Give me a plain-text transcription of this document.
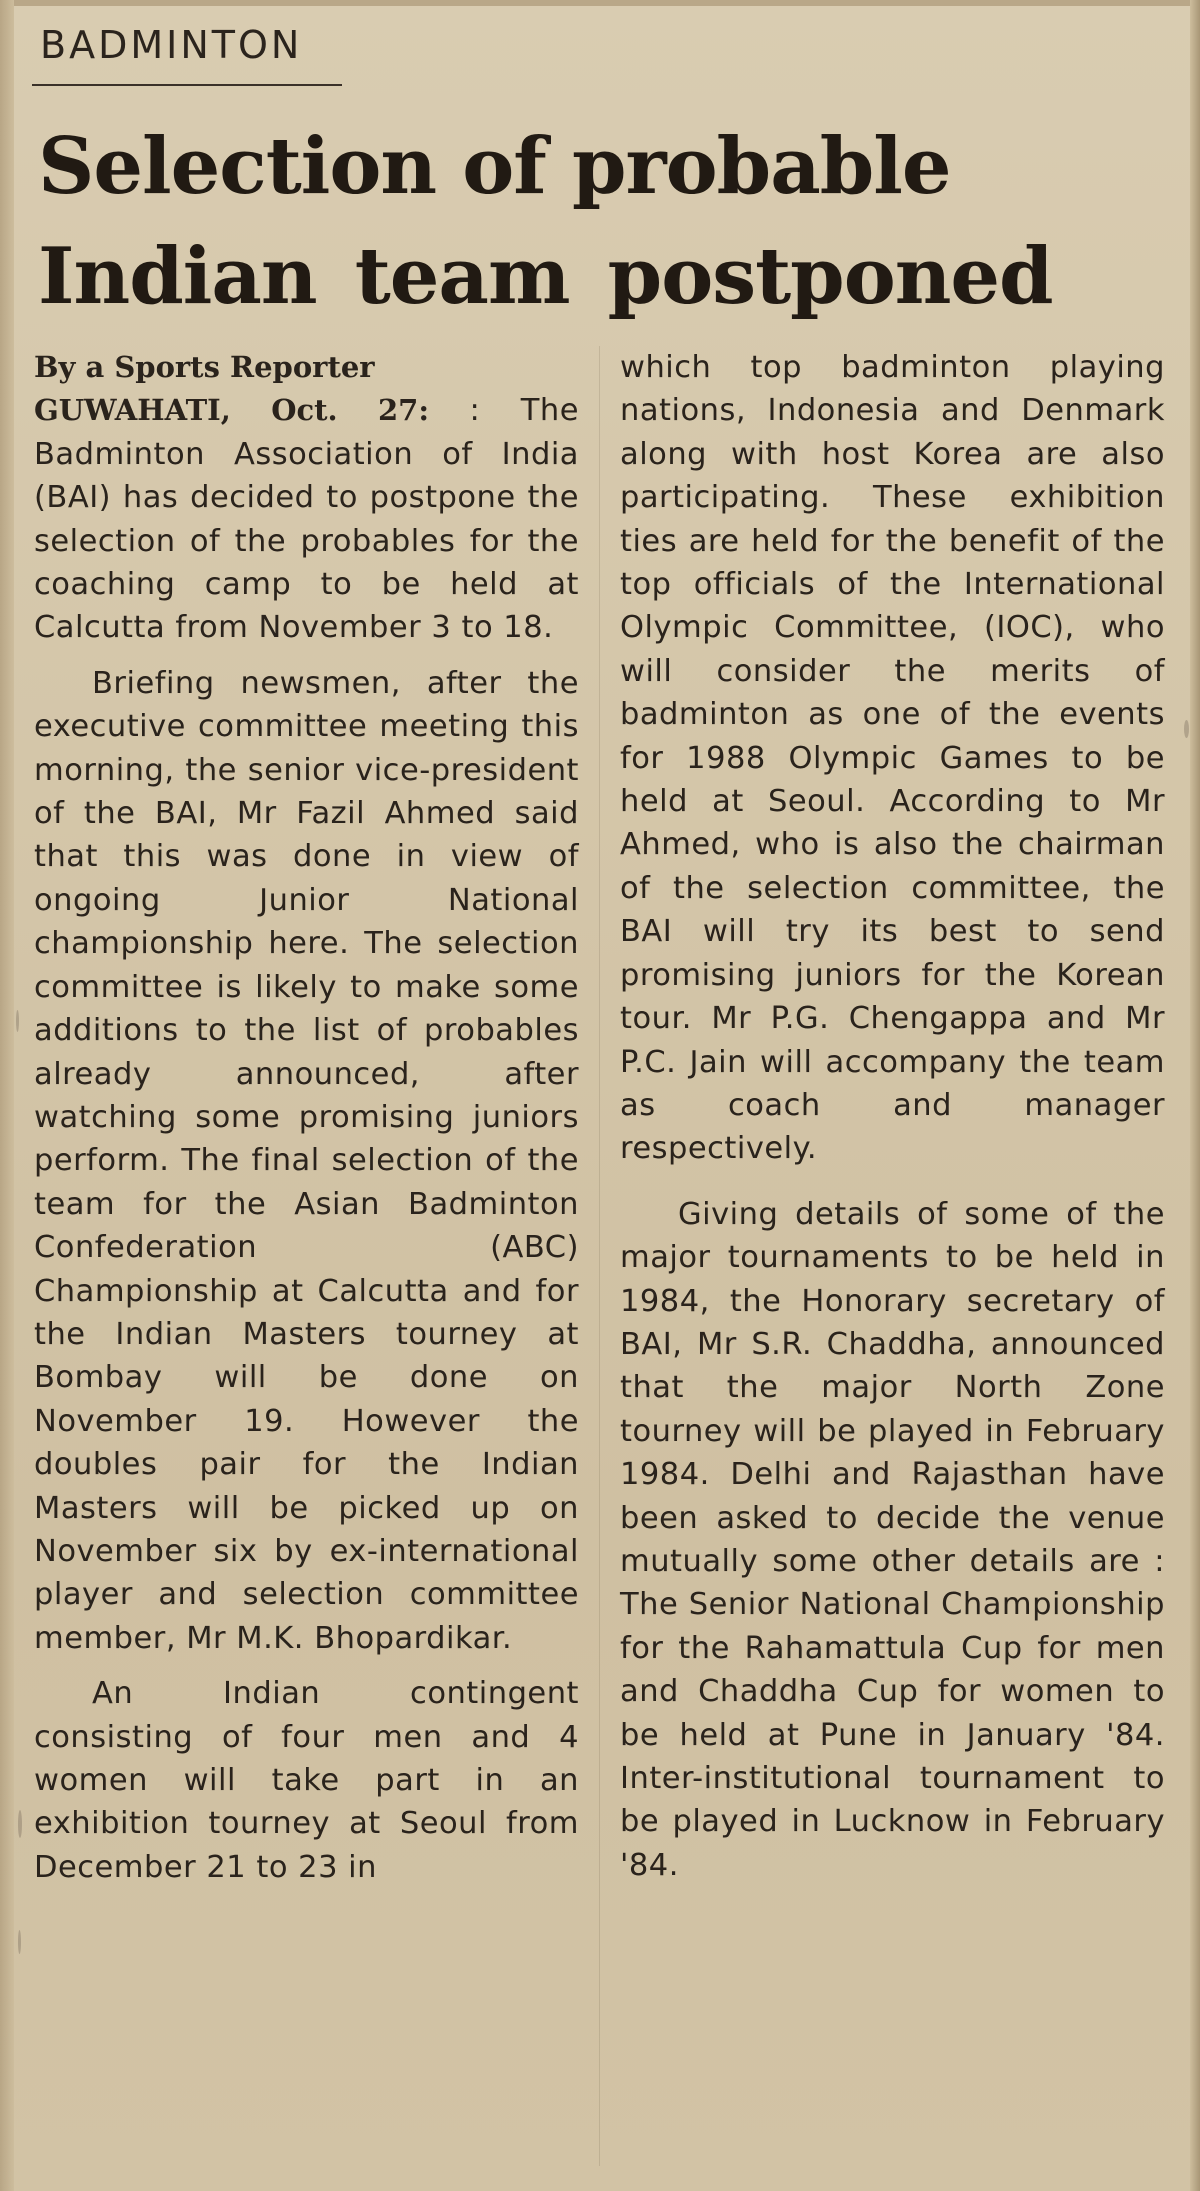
BADMINTON
Selection of probable
Indian team postponed
By a Sports Reporter

GUWAHATI, Oct. 27: : The Badminton Association of India (BAI) has decided to postpone the selection of the probables for the coaching camp to be held at Calcutta from November 3 to 18.

Briefing newsmen, after the executive committee meeting this morning, the senior vice-president of the BAI, Mr Fazil Ahmed said that this was done in view of ongoing Junior National championship here. The selection committee is likely to make some additions to the list of probables already announced, after watching some promising juniors perform. The final selection of the team for the Asian Badminton Confederation (ABC) Championship at Calcutta and for the Indian Masters tourney at Bombay will be done on November 19. However the doubles pair for the Indian Masters will be picked up on November six by ex-international player and selection committee member, Mr M.K. Bhopardikar.

An Indian contingent consisting of four men and 4 women will take part in an exhibition tourney at Seoul from December 21 to 23 in

which top badminton playing nations, Indonesia and Denmark along with host Korea are also participating. These exhibition ties are held for the benefit of the top officials of the International Olympic Committee, (IOC), who will consider the merits of badminton as one of the events for 1988 Olympic Games to be held at Seoul. According to Mr Ahmed, who is also the chairman of the selection committee, the BAI will try its best to send promising juniors for the Korean tour. Mr P.G. Chengappa and Mr P.C. Jain will accompany the team as coach and manager respectively.

Giving details of some of the major tournaments to be held in 1984, the Honorary secretary of BAI, Mr S.R. Chaddha, announced that the major North Zone tourney will be played in February 1984. Delhi and Rajasthan have been asked to decide the venue mutually some other details are : The Senior National Championship for the Rahamattula Cup for men and Chaddha Cup for women to be held at Pune in January '84. Inter-institutional tournament to be played in Lucknow in February '84.
